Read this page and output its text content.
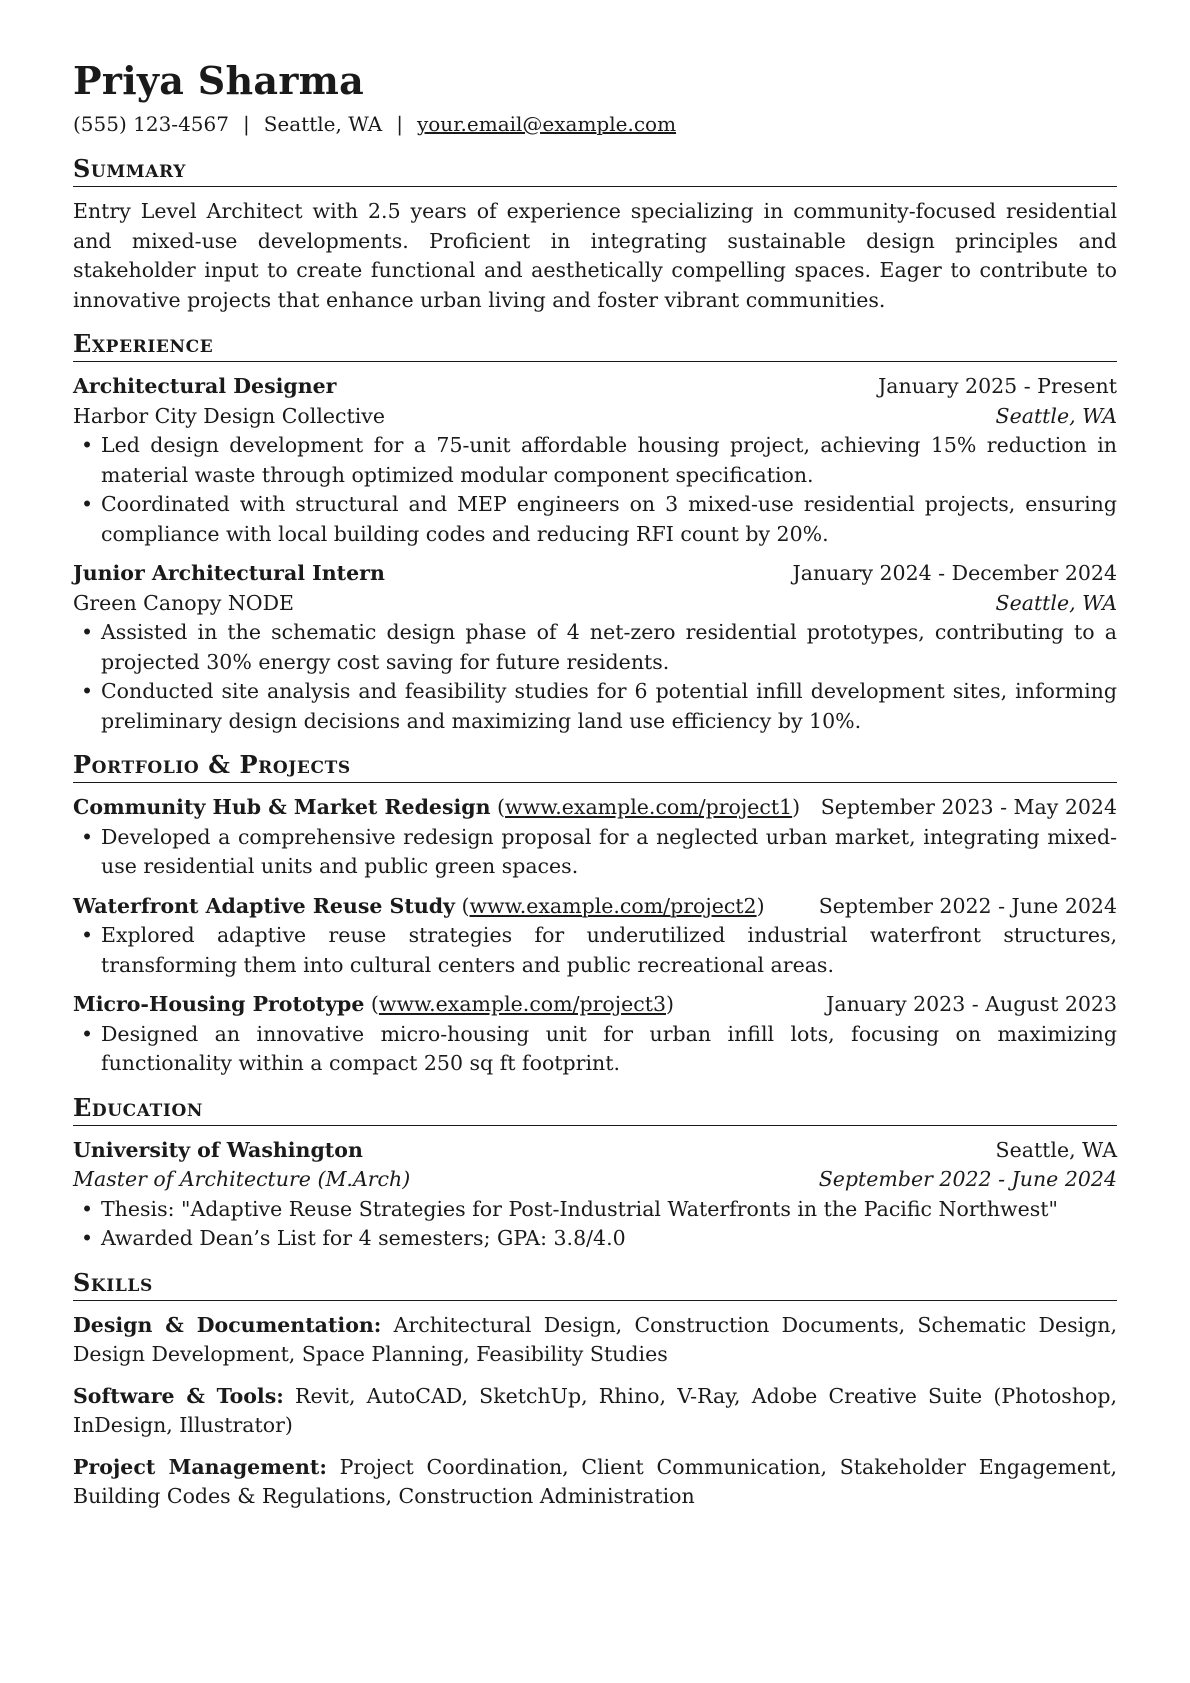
Priya Sharma
(555) 123-4567 | Seattle, WA | your.email@example.com
Summary

Entry Level Architect with 2.5 years of experience specializing in community-focused residential and mixed-use developments. Proficient in integrating sustainable design principles and stakeholder input to create functional and aesthetically compelling spaces. Eager to contribute to innovative projects that enhance urban living and foster vibrant communities.

Experience
Architectural Designer	January 2025 - Present
Harbor City Design Collective	Seattle, WA
• Led design development for a 75-unit affordable housing project, achieving 15% reduction in material waste through optimized modular component specification.
• Coordinated with structural and MEP engineers on 3 mixed-use residential projects, ensuring compliance with local building codes and reducing RFI count by 20%.
Junior Architectural Intern	January 2024 - December 2024
Green Canopy NODE	Seattle, WA
• Assisted in the schematic design phase of 4 net-zero residential prototypes, contributing to a projected 30% energy cost saving for future residents.
• Conducted site analysis and feasibility studies for 6 potential infill development sites, informing preliminary design decisions and maximizing land use efficiency by 10%.
Portfolio & Projects
Community Hub & Market Redesign (www.example.com/project1) September 2023 - May 2024
• Developed a comprehensive redesign proposal for a neglected urban market, integrating mixed-use residential units and public green spaces.
Waterfront Adaptive Reuse Study (www.example.com/project2)	September 2022 - June 2024
• Explored adaptive reuse strategies for underutilized industrial waterfront structures, transforming them into cultural centers and public recreational areas.
Micro-Housing Prototype (www.example.com/project3)	January 2023 - August 2023
• Designed an innovative micro-housing unit for urban infill lots, focusing on maximizing functionality within a compact 250 sq ft footprint.
Education
University of Washington	Seattle, WA
Master of Architecture (M.Arch)	September 2022 - June 2024
• Thesis: "Adaptive Reuse Strategies for Post-Industrial Waterfronts in the Pacific Northwest"
• Awarded Dean’s List for 4 semesters; GPA: 3.8/4.0
Skills

Design & Documentation: Architectural Design, Construction Documents, Schematic Design, Design Development, Space Planning, Feasibility Studies

Software & Tools: Revit, AutoCAD, SketchUp, Rhino, V-Ray, Adobe Creative Suite (Photoshop, InDesign, Illustrator)

Project Management: Project Coordination, Client Communication, Stakeholder Engagement, Building Codes & Regulations, Construction Administration
